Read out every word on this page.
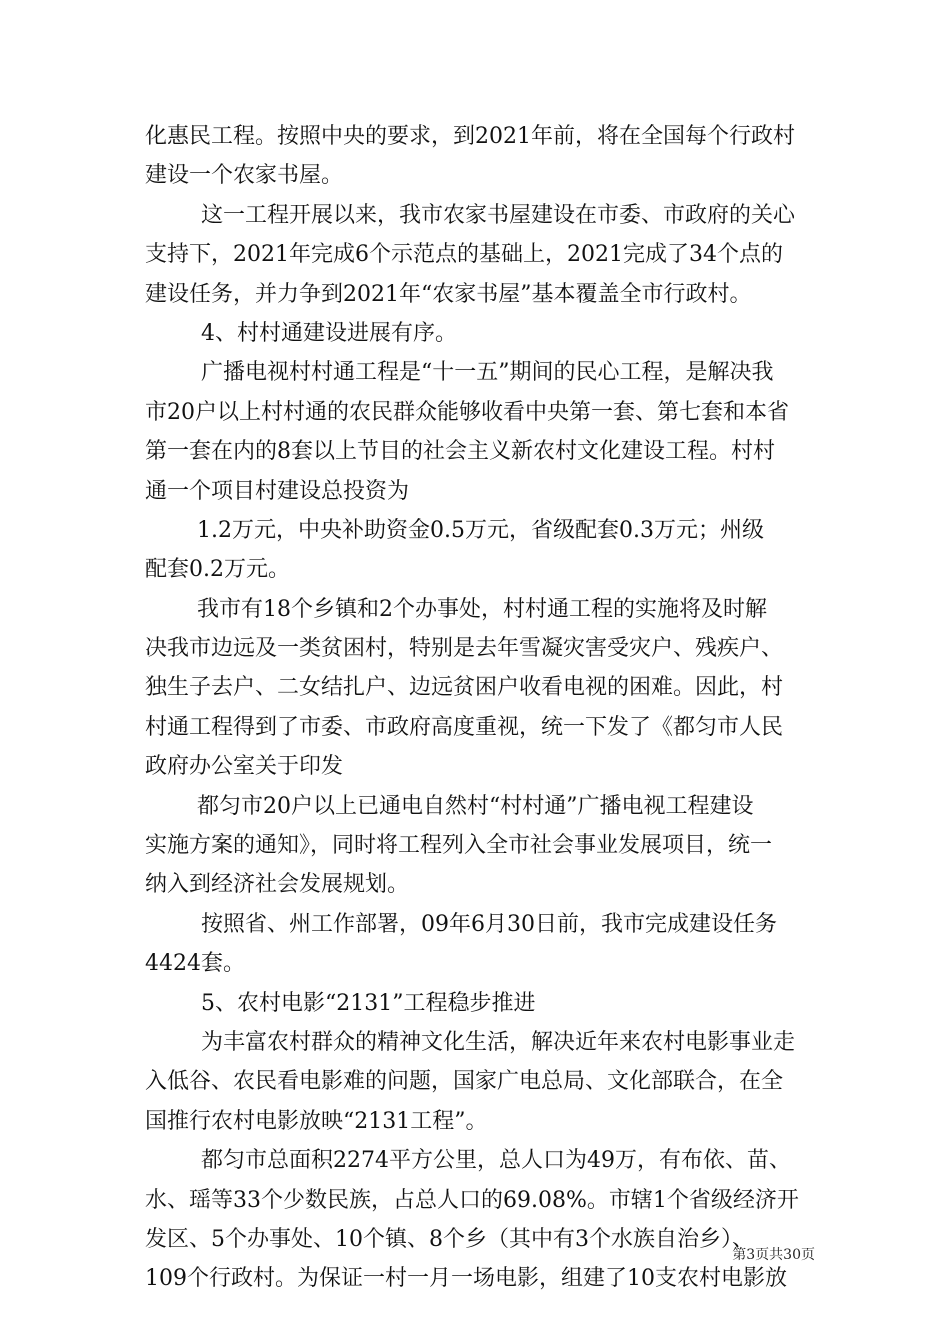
化惠民工程。按照中央的要求，到2021年前，将在全国每个行政村
建设一个农家书屋。
这一工程开展以来，我市农家书屋建设在市委、市政府的关心
支持下，2021年完成6个示范点的基础上，2021完成了34个点的
建设任务，并力争到2021年“农家书屋”基本覆盖全市行政村。
4、村村通建设进展有序。
广播电视村村通工程是“十一五”期间的民心工程，是解决我
市20户以上村村通的农民群众能够收看中央第一套、第七套和本省
第一套在内的8套以上节目的社会主义新农村文化建设工程。村村
通一个项目村建设总投资为
1.2万元，中央补助资金0.5万元，省级配套0.3万元；州级
配套0.2万元。
我市有18个乡镇和2个办事处，村村通工程的实施将及时解
决我市边远及一类贫困村，特别是去年雪凝灾害受灾户、残疾户、
独生子去户、二女结扎户、边远贫困户收看电视的困难。因此，村
村通工程得到了市委、市政府高度重视，统一下发了《都匀市人民
政府办公室关于印发
都匀市20户以上已通电自然村“村村通”广播电视工程建设
实施方案的通知》，同时将工程列入全市社会事业发展项目，统一
纳入到经济社会发展规划。
按照省、州工作部署，09年6月30日前，我市完成建设任务
4424套。
5、农村电影“2131”工程稳步推进
为丰富农村群众的精神文化生活，解决近年来农村电影事业走
入低谷、农民看电影难的问题，国家广电总局、文化部联合，在全
国推行农村电影放映“2131工程”。
都匀市总面积2274平方公里，总人口为49万，有布依、苗、
水、瑶等33个少数民族，占总人口的69.08%。市辖1个省级经济开
发区、5个办事处、10个镇、8个乡（其中有3个水族自治乡）、
109个行政村。为保证一村一月一场电影，组建了10支农村电影放
第3页共30页
